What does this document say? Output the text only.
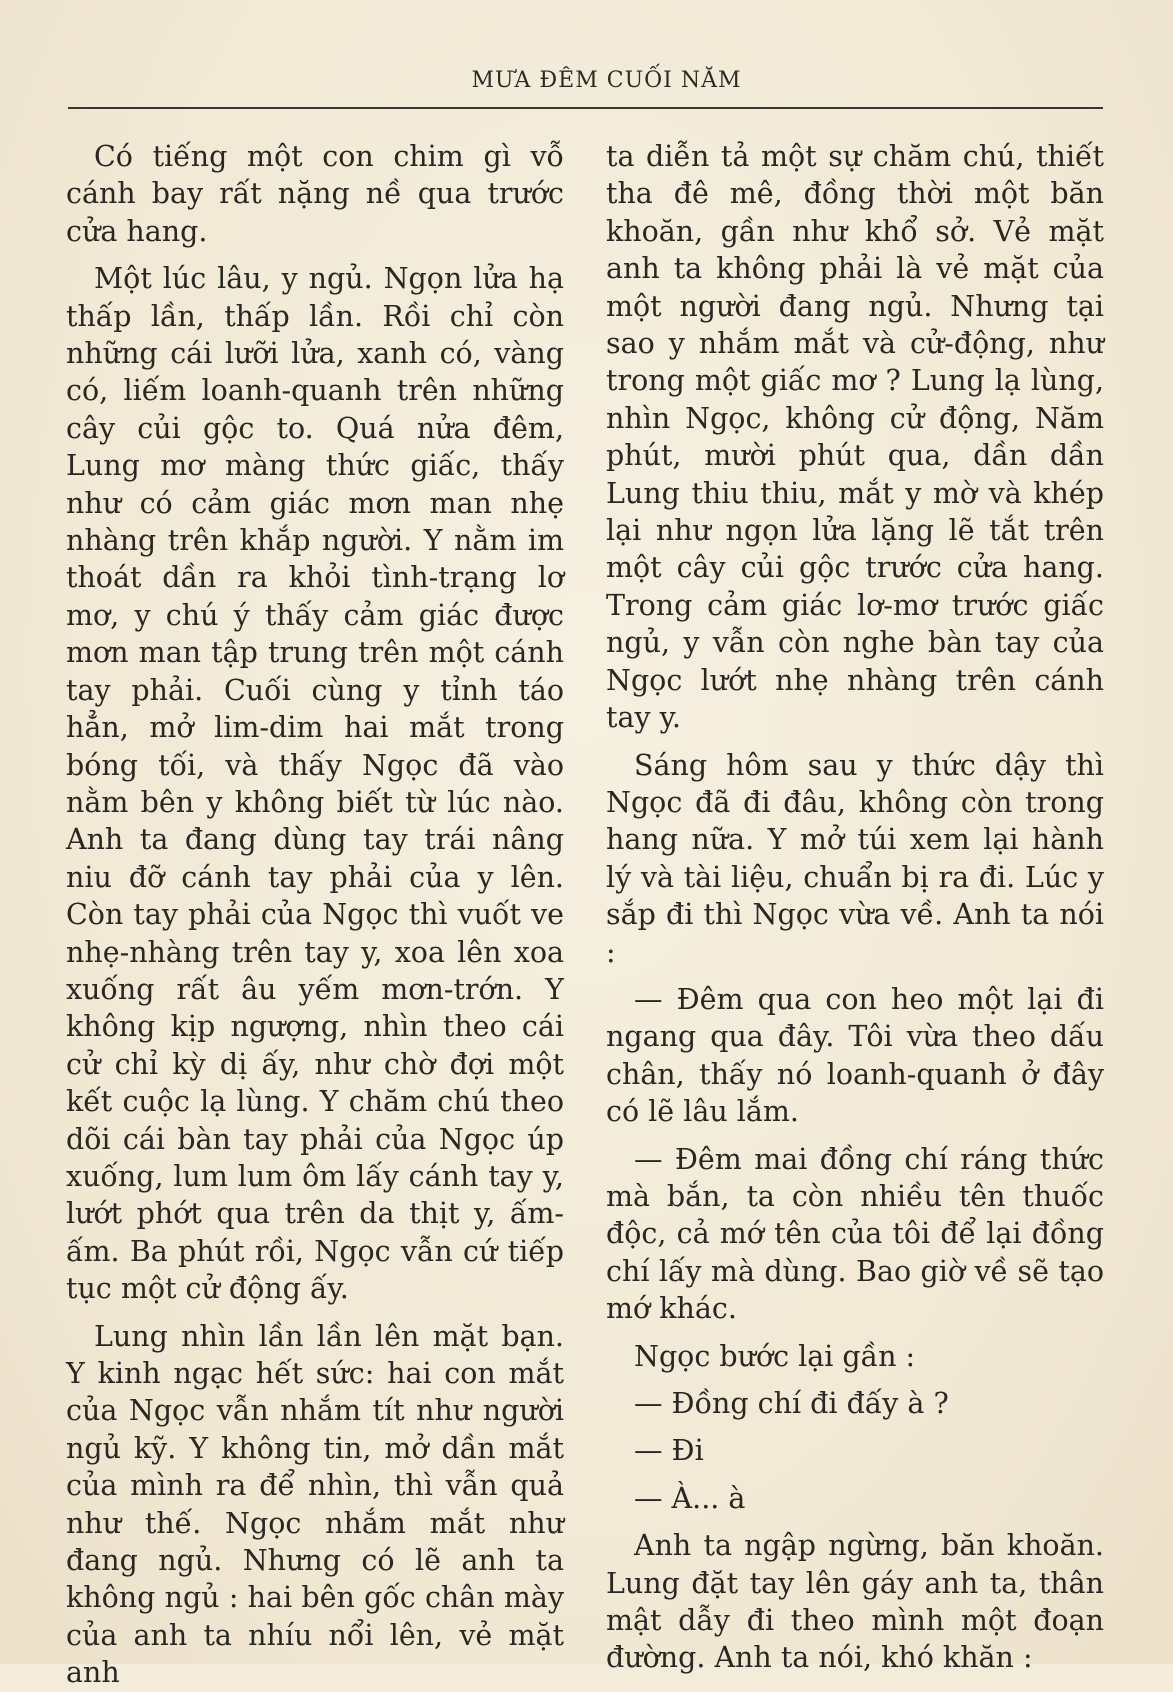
MƯA ĐÊM CUỐI NĂM

Có tiếng một con chim gì vỗ cánh bay rất nặng nề qua trước cửa hang.

Một lúc lâu, y ngủ. Ngọn lửa hạ thấp lần, thấp lần. Rồi chỉ còn những cái lưỡi lửa, xanh có, vàng có, liếm loanh-quanh trên những cây củi gộc to. Quá nửa đêm, Lung mơ màng thức giấc, thấy như có cảm giác mơn man nhẹ nhàng trên khắp người. Y nằm im thoát dần ra khỏi tình-trạng lơ mơ, y chú ý thấy cảm giác được mơn man tập trung trên một cánh tay phải. Cuối cùng y tỉnh táo hẳn, mở lim-dim hai mắt trong bóng tối, và thấy Ngọc đã vào nằm bên y không biết từ lúc nào. Anh ta đang dùng tay trái nâng niu đỡ cánh tay phải của y lên. Còn tay phải của Ngọc thì vuốt ve nhẹ-nhàng trên tay y, xoa lên xoa xuống rất âu yếm mơn-trớn. Y không kịp ngượng, nhìn theo cái cử chỉ kỳ dị ấy, như chờ đợi một kết cuộc lạ lùng. Y chăm chú theo dõi cái bàn tay phải của Ngọc úp xuống, lum lum ôm lấy cánh tay y, lướt phớt qua trên da thịt y, ấm-ấm. Ba phút rồi, Ngọc vẫn cứ tiếp tục một cử động ấy.

Lung nhìn lần lần lên mặt bạn. Y kinh ngạc hết sức: hai con mắt của Ngọc vẫn nhắm tít như người ngủ kỹ. Y không tin, mở dần mắt của mình ra để nhìn, thì vẫn quả như thế. Ngọc nhắm mắt như đang ngủ. Nhưng có lẽ anh ta không ngủ : hai bên gốc chân mày của anh ta nhíu nổi lên, vẻ mặt anh

ta diễn tả một sự chăm chú, thiết tha đê mê, đồng thời một băn khoăn, gần như khổ sở. Vẻ mặt anh ta không phải là vẻ mặt của một người đang ngủ. Nhưng tại sao y nhắm mắt và cử-động, như trong một giấc mơ ? Lung lạ lùng, nhìn Ngọc, không cử động, Năm phút, mười phút qua, dần dần Lung thiu thiu, mắt y mờ và khép lại như ngọn lửa lặng lẽ tắt trên một cây củi gộc trước cửa hang. Trong cảm giác lơ-mơ trước giấc ngủ, y vẫn còn nghe bàn tay của Ngọc lướt nhẹ nhàng trên cánh tay y.

Sáng hôm sau y thức dậy thì Ngọc đã đi đâu, không còn trong hang nữa. Y mở túi xem lại hành lý và tài liệu, chuẩn bị ra đi. Lúc y sắp đi thì Ngọc vừa về. Anh ta nói :

— Đêm qua con heo một lại đi ngang qua đây. Tôi vừa theo dấu chân, thấy nó loanh-quanh ở đây có lẽ lâu lắm.

— Đêm mai đồng chí ráng thức mà bắn, ta còn nhiều tên thuốc độc, cả mớ tên của tôi để lại đồng chí lấy mà dùng. Bao giờ về sẽ tạo mớ khác.

Ngọc bước lại gần :

— Đồng chí đi đấy à ?

— Đi

— À... à

Anh ta ngập ngừng, băn khoăn. Lung đặt tay lên gáy anh ta, thân mật dẫy đi theo mình một đoạn đường. Anh ta nói, khó khăn :
